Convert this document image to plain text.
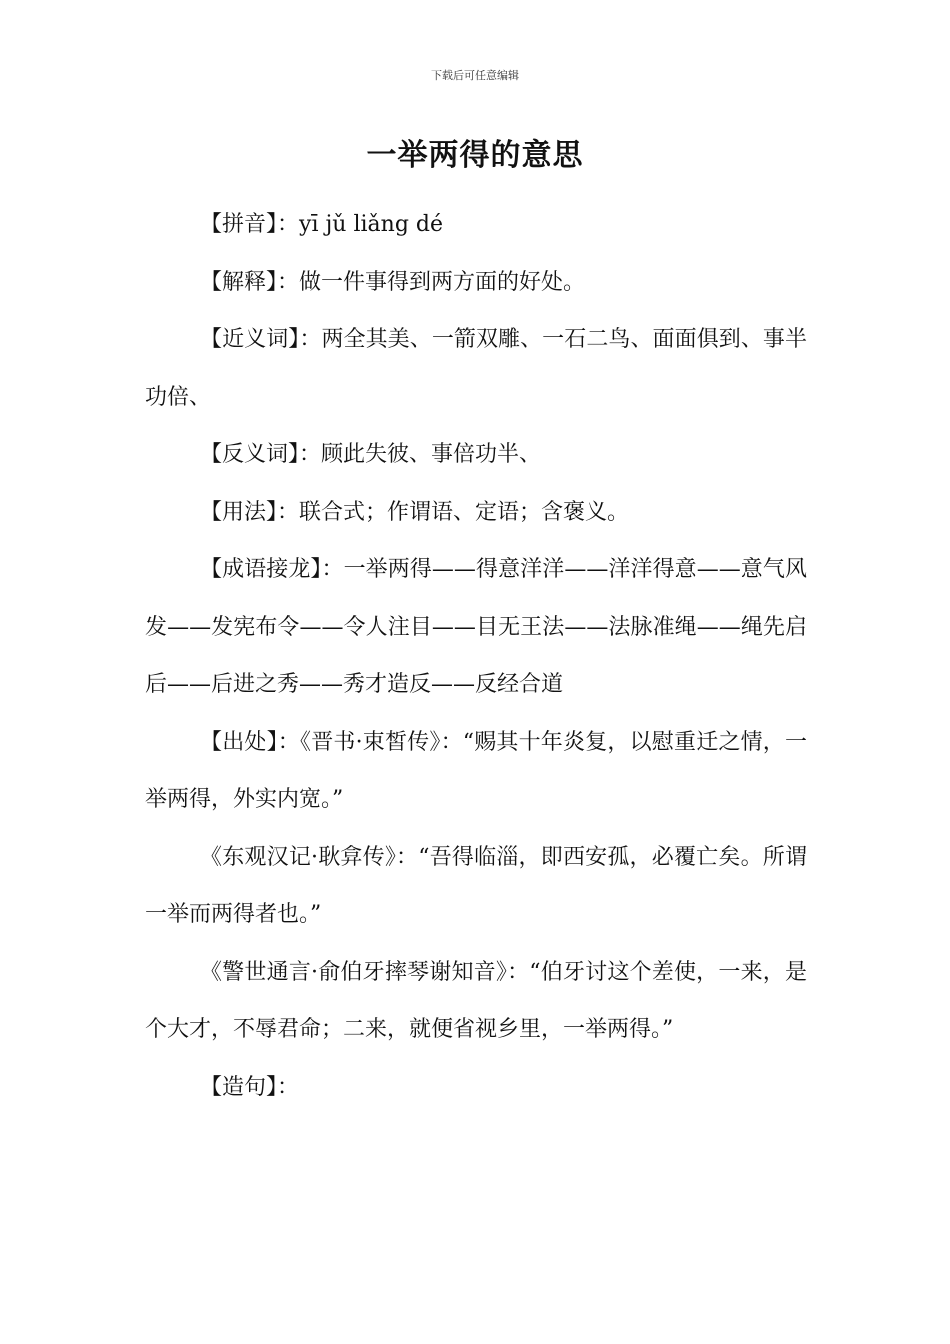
下载后可任意编辑
一举两得的意思

【拼音】：yī jǔ liǎng dé

【解释】：做一件事得到两方面的好处。

【近义词】：两全其美、一箭双雕、一石二鸟、面面俱到、事半功倍、

【反义词】：顾此失彼、事倍功半、

【用法】：联合式；作谓语、定语；含褒义。

【成语接龙】：一举两得——得意洋洋——洋洋得意——意气风发——发宪布令——令人注目——目无王法——法脉准绳——绳先启后——后进之秀——秀才造反——反经合道

【出处】：《晋书·束皙传》：“赐其十年炎复，以慰重迁之情，一举两得，外实内宽。”

《东观汉记·耿弇传》：“吾得临淄，即西安孤，必覆亡矣。所谓一举而两得者也。”

《警世通言·俞伯牙摔琴谢知音》：“伯牙讨这个差使，一来，是个大才，不辱君命；二来，就便省视乡里，一举两得。”

【造句】：
